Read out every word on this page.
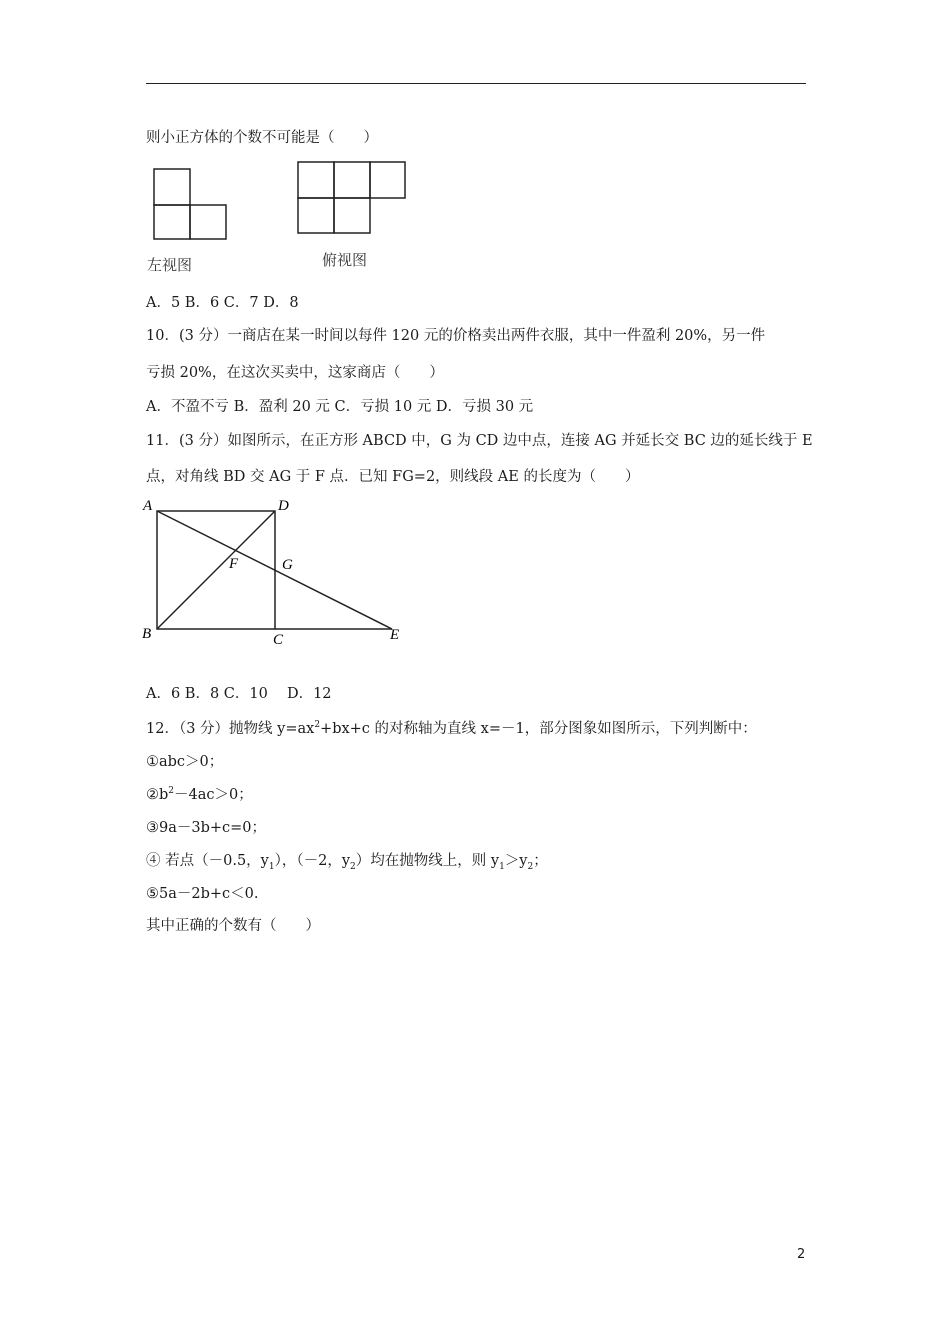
则小正方体的个数不可能是（　　）
左视图	俯视图
A．5 B．6 C．7 D．8
10．(3 分）一商店在某一时间以每件 120 元的价格卖出两件衣服，其中一件盈利 20%，另一件
亏损 20%，在这次买卖中，这家商店（　　）
A．不盈不亏 B．盈利 20 元 C．亏损 10 元 D．亏损 30 元
11．(3 分）如图所示，在正方形 ABCD 中，G 为 CD 边中点，连接 AG 并延长交 BC 边的延长线于 E
点，对角线 BD 交 AG 于 F 点．已知 FG=2，则线段 AE 的长度为（　　）
A	D
F	G
B	C	E
A．6 B．8 C．10　 D．12
12．（3 分）抛物线 $y=ax^2+bx+c$ 的对称轴为直线 x=－1，部分图象如图所示，下列判断中：
①abc＞0；
$②b^2-4ac>0$；
③9a－3b+c=0；
④ 若点（－0.5，$y_1$），（－2，$y_2$）均在抛物线上，则 $y_1>y_2$；
⑤5a－2b+c＜0.
其中正确的个数有（　　）
2
